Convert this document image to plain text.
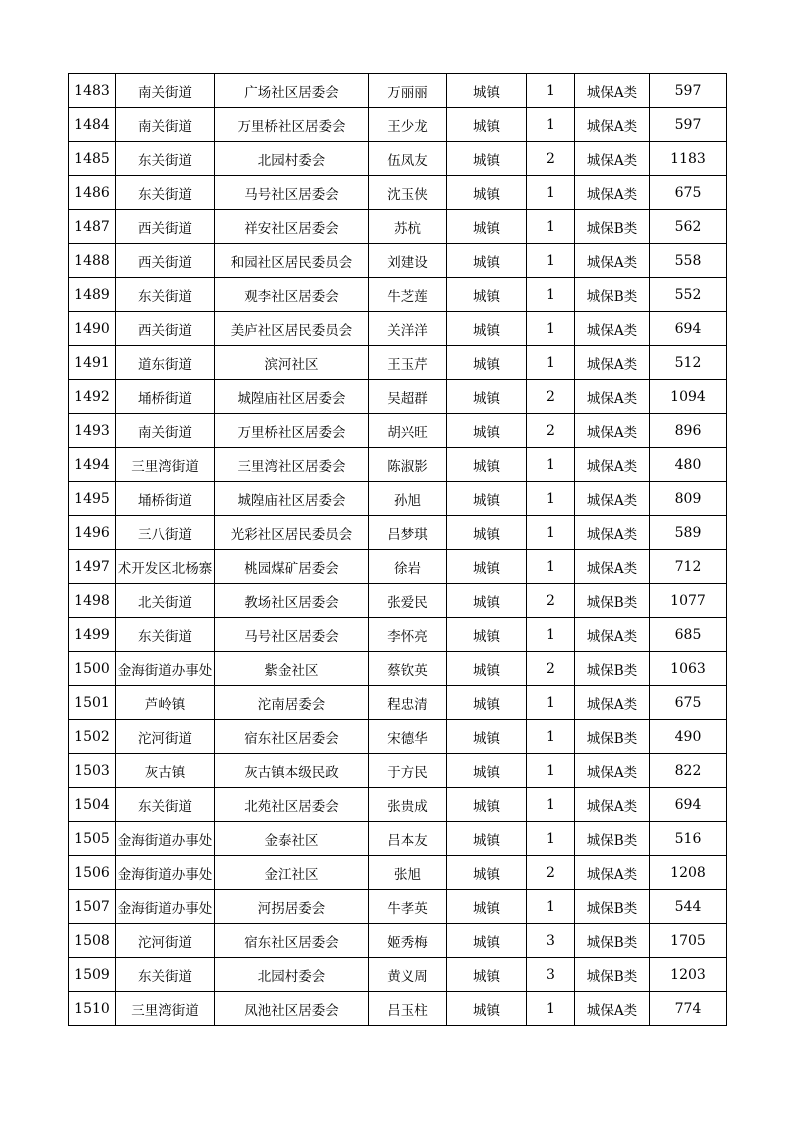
1483	南关街道	广场社区居委会	万丽丽	城镇	1	城保A类	597
1484	南关街道	万里桥社区居委会	王少龙	城镇	1	城保A类	597
1485	东关街道	北园村委会	伍凤友	城镇	2	城保A类	1183
1486	东关街道	马号社区居委会	沈玉侠	城镇	1	城保A类	675
1487	西关街道	祥安社区居委会	苏杭	城镇	1	城保B类	562
1488	西关街道	和园社区居民委员会	刘建设	城镇	1	城保A类	558
1489	东关街道	观李社区居委会	牛芝莲	城镇	1	城保B类	552
1490	西关街道	美庐社区居民委员会	关洋洋	城镇	1	城保A类	694
1491	道东街道	滨河社区	王玉芹	城镇	1	城保A类	512
1492	埇桥街道	城隍庙社区居委会	吴超群	城镇	2	城保A类	1094
1493	南关街道	万里桥社区居委会	胡兴旺	城镇	2	城保A类	896
1494	三里湾街道	三里湾社区居委会	陈淑影	城镇	1	城保A类	480
1495	埇桥街道	城隍庙社区居委会	孙旭	城镇	1	城保A类	809
1496	三八街道	光彩社区居民委员会	吕梦琪	城镇	1	城保A类	589
1497	术开发区北杨寨	桃园煤矿居委会	徐岩	城镇	1	城保A类	712
1498	北关街道	教场社区居委会	张爱民	城镇	2	城保B类	1077
1499	东关街道	马号社区居委会	李怀亮	城镇	1	城保A类	685
1500	金海街道办事处	紫金社区	蔡钦英	城镇	2	城保B类	1063
1501	芦岭镇	沱南居委会	程忠清	城镇	1	城保A类	675
1502	沱河街道	宿东社区居委会	宋德华	城镇	1	城保B类	490
1503	灰古镇	灰古镇本级民政	于方民	城镇	1	城保A类	822
1504	东关街道	北苑社区居委会	张贵成	城镇	1	城保A类	694
1505	金海街道办事处	金泰社区	吕本友	城镇	1	城保B类	516
1506	金海街道办事处	金江社区	张旭	城镇	2	城保A类	1208
1507	金海街道办事处	河拐居委会	牛孝英	城镇	1	城保B类	544
1508	沱河街道	宿东社区居委会	姬秀梅	城镇	3	城保B类	1705
1509	东关街道	北园村委会	黄义周	城镇	3	城保B类	1203
1510	三里湾街道	凤池社区居委会	吕玉柱	城镇	1	城保A类	774
